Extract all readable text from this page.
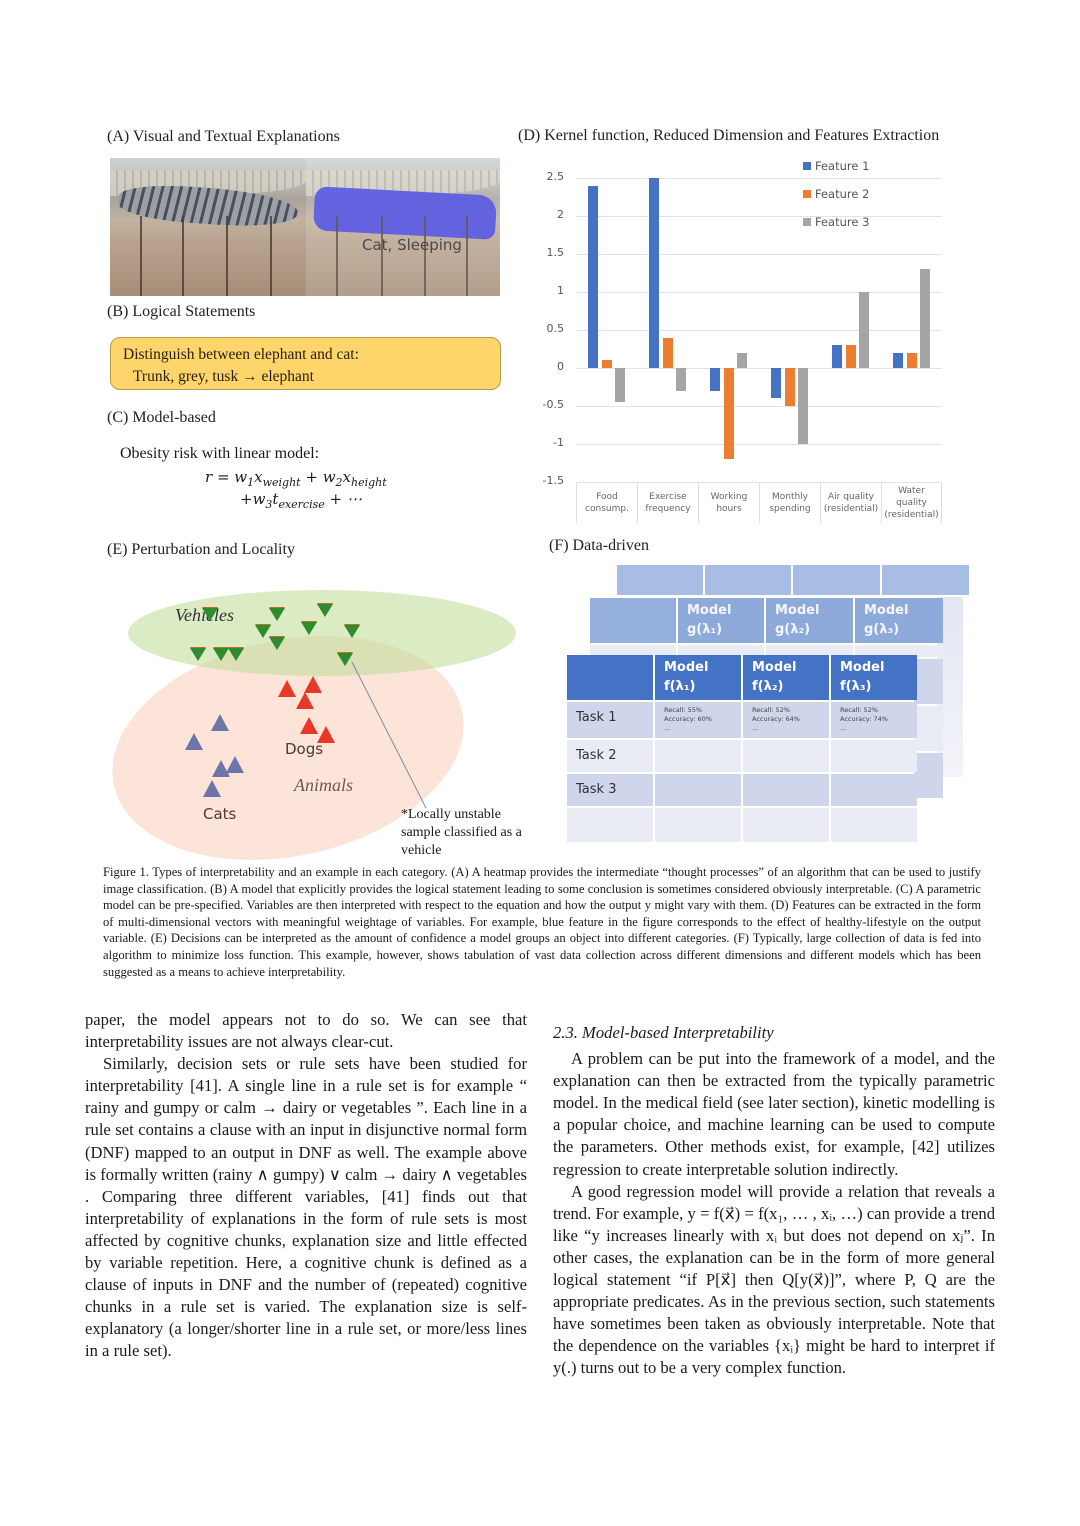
(A) Visual and Textual Explanations
Cat, Sleeping
(B) Logical Statements
Distinguish between elephant and cat:
Trunk, grey, tusk → elephant
(C) Model-based
Obesity risk with linear model:
$r = w_1x_{weight} + w_2x_{height}$
$+w_3t_{exercise}$ + ⋯
(D) Kernel function, Reduced Dimension and Features Extraction
2.5
2
1.5
1
0.5
0
-0.5
-1
-1.5
Food consump.
Exercise frequency
Working hours
Monthly spending
Air quality (residential)
Water quality (residential)
Feature 1
Feature 2
Feature 3
(E) Perturbation and Locality
Vehicles
Animals
Dogs
Cats	*Locally unstable
sample classified as a
vehicle
(F) Data-driven
Model
g(λ₁)
Model
g(λ₂)
Model
g(λ₃)
Model
f(λ₁)
Model
f(λ₂)
Model
f(λ₃)
Task 1	Recall: 55%
Accuracy: 60%
...
Recall: 52%
Accuracy: 64%
...
Recall: 52%
Accuracy: 74%
...
Task 2
Task 3
Figure 1. Types of interpretability and an example in each category. (A) A heatmap provides the intermediate “thought processes” of an algorithm that can be used to justify image classification. (B) A model that explicitly provides the logical statement leading to some conclusion is sometimes considered obviously interpretable. (C) A parametric model can be pre-specified. Variables are then interpreted with respect to the equation and how the output y might vary with them. (D) Features can be extracted in the form of multi-dimensional vectors with meaningful weightage of variables. For example, blue feature in the figure corresponds to the effect of healthy-lifestyle on the output variable. (E) Decisions can be interpreted as the amount of confidence a model groups an object into different categories. (F) Typically, large collection of data is fed into algorithm to minimize loss function. This example, however, shows tabulation of vast data collection across different dimensions and different models which has been suggested as a means to achieve interpretability.

paper, the model appears not to do so. We can see that interpretability issues are not always clear-cut.

Similarly, decision sets or rule sets have been studied for interpretability [41]. A single line in a rule set is for example “ rainy and gumpy or calm → dairy or vegetables ”. Each line in a rule set contains a clause with an input in disjunctive normal form (DNF) mapped to an output in DNF as well. The example above is formally written (rainy ∧ gumpy) ∨ calm → dairy ∧ vegetables . Comparing three different variables, [41] finds out that interpretability of explanations in the form of rule sets is most affected by cognitive chunks, explanation size and little effected by variable repetition. Here, a cognitive chunk is defined as a clause of inputs in DNF and the number of (repeated) cognitive chunks in a rule set is varied. The explanation size is self-explanatory (a longer/shorter line in a rule set, or more/less lines in a rule set).

2.3. Model-based Interpretability

A problem can be put into the framework of a model, and the explanation can then be extracted from the typically parametric model. In the medical field (see later section), kinetic modelling is a popular choice, and machine learning can be used to compute the parameters. Other methods exist, for example, [42] utilizes regression to create interpretable solution indirectly.

A good regression model will provide a relation that reveals a trend. For example, y = f(x⃗) = f(x₁, … , xᵢ, …) can provide a trend like “y increases linearly with xᵢ but does not depend on xⱼ”. In other cases, the explanation can be in the form of more general logical statement “if P[x⃗] then Q[y(x⃗)]”, where P, Q are the appropriate predicates. As in the previous section, such statements have sometimes been taken as obviously interpretable. Note that the dependence on the variables {xᵢ} might be hard to interpret if y(.) turns out to be a very complex function.
